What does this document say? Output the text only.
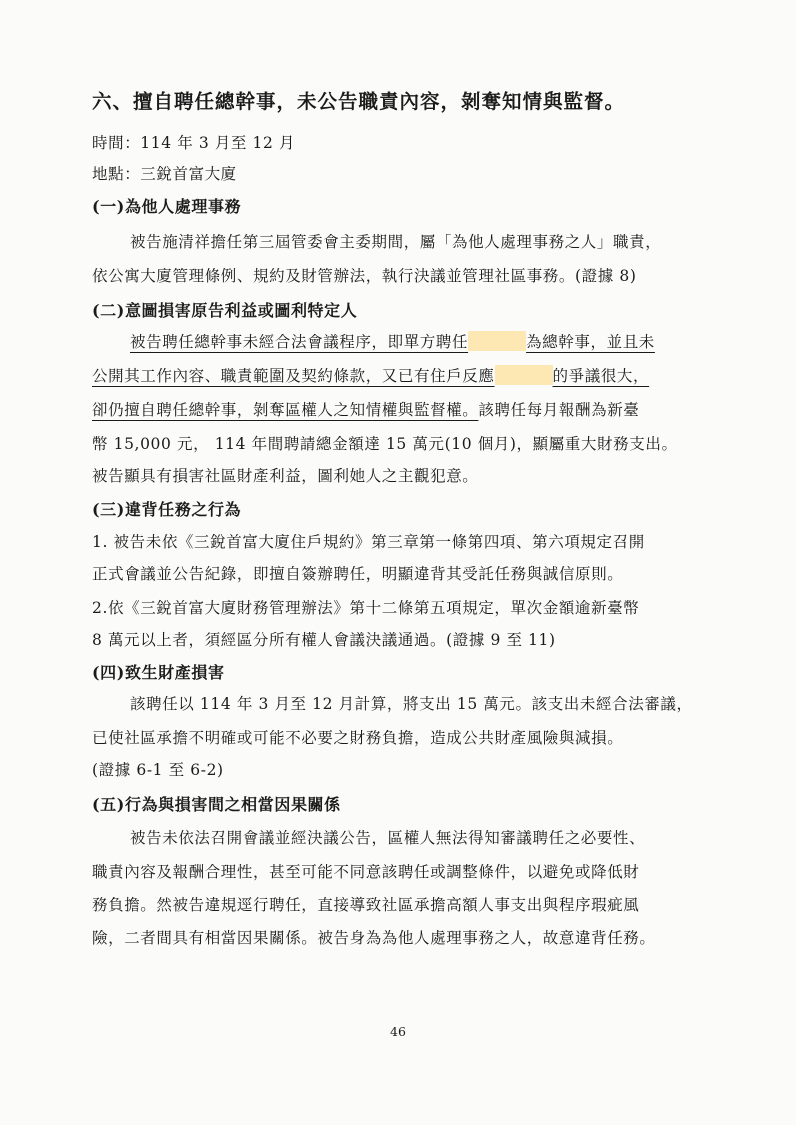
六、擅自聘任總幹事，未公告職責內容，剝奪知情與監督。
時間：114 年 3 月至 12 月
地點：三銳首富大廈
(一)為他人處理事務
被告施清祥擔任第三屆管委會主委期間，屬「為他人處理事務之人」職責，
依公寓大廈管理條例、規約及財管辦法，執行決議並管理社區事務。(證據 8)
(二)意圖損害原告利益或圖利特定人
被告聘任總幹事未經合法會議程序，即單方聘任	為總幹事，並且未
公開其工作內容、職責範圍及契約條款，又已有住戶反應	的爭議很大，
卻仍擅自聘任總幹事，剝奪區權人之知情權與監督權。該聘任每月報酬為新臺
幣 15,000 元， 114 年間聘請總金額達 15 萬元(10 個月)，顯屬重大財務支出。
被告顯具有損害社區財產利益，圖利她人之主觀犯意。
(三)違背任務之行為
1. 被告未依《三銳首富大廈住戶規約》第三章第一條第四項、第六項規定召開
正式會議並公告紀錄，即擅自簽辦聘任，明顯違背其受託任務與誠信原則。
2.依《三銳首富大廈財務管理辦法》第十二條第五項規定，單次金額逾新臺幣
8 萬元以上者，須經區分所有權人會議決議通過。(證據 9 至 11)
(四)致生財產損害
該聘任以 114 年 3 月至 12 月計算，將支出 15 萬元。該支出未經合法審議，
已使社區承擔不明確或可能不必要之財務負擔，造成公共財產風險與減損。
(證據 6-1 至 6-2)
(五)行為與損害間之相當因果關係
被告未依法召開會議並經決議公告，區權人無法得知審議聘任之必要性、
職責內容及報酬合理性，甚至可能不同意該聘任或調整條件，以避免或降低財
務負擔。然被告違規逕行聘任，直接導致社區承擔高額人事支出與程序瑕疵風
險，二者間具有相當因果關係。被告身為為他人處理事務之人，故意違背任務。
46
